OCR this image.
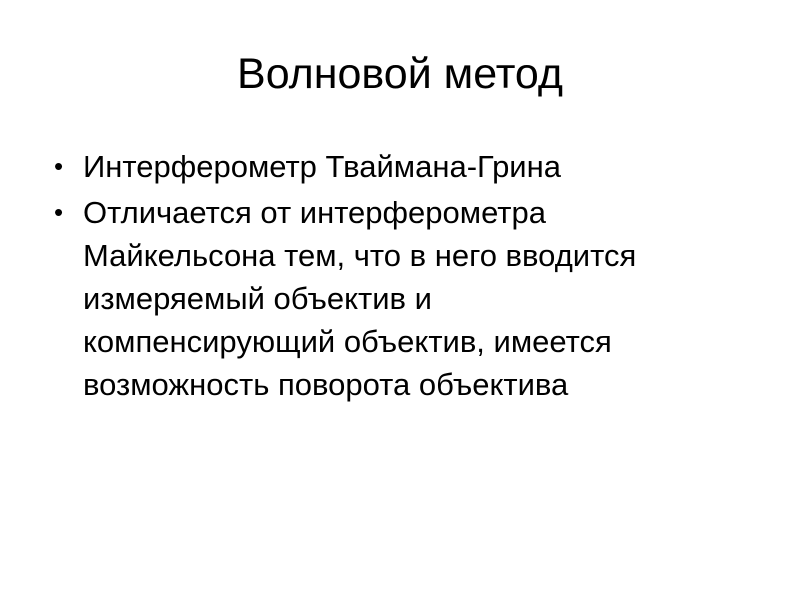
Волновой метод
• Интерферометр Тваймана-Грина
• Отличается от интерферометра
Майкельсона тем, что в него вводится
измеряемый объектив и
компенсирующий объектив, имеется
возможность поворота объектива
